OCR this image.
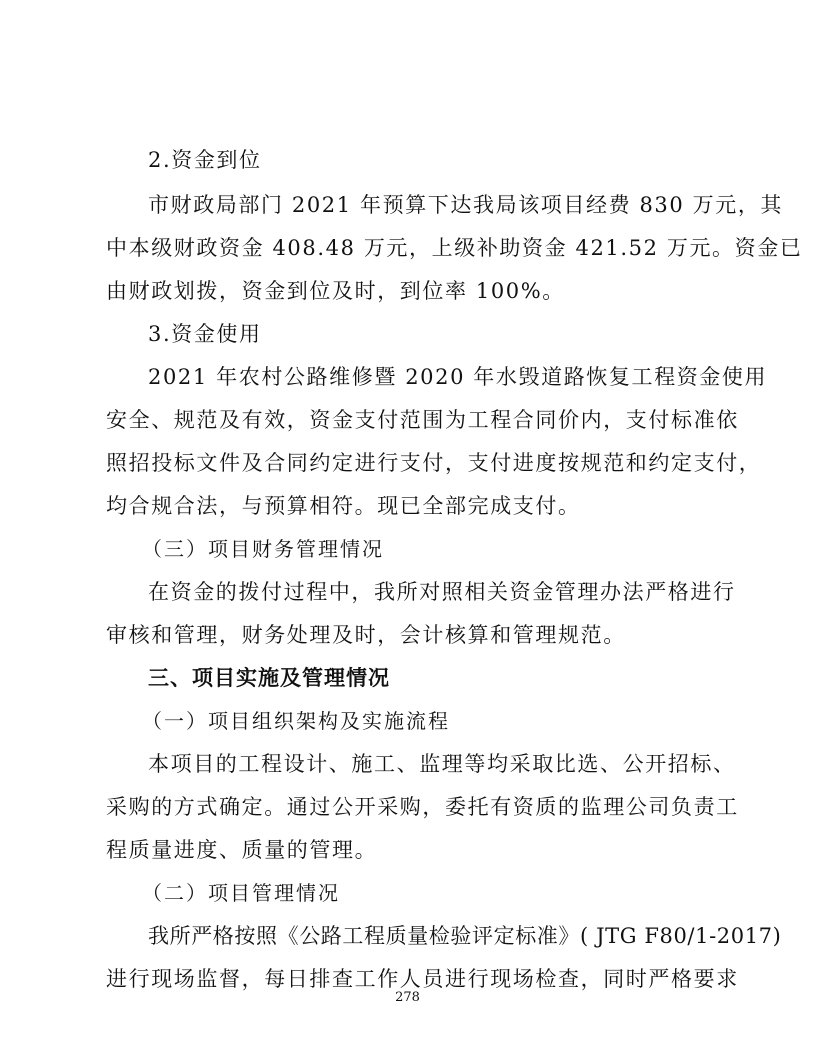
2.资金到位
市财政局部门 2021 年预算下达我局该项目经费 830 万元，其
中本级财政资金 408.48 万元，上级补助资金 421.52 万元。资金已
由财政划拨，资金到位及时，到位率 100%。
3.资金使用
2021 年农村公路维修暨 2020 年水毁道路恢复工程资金使用
安全、规范及有效，资金支付范围为工程合同价内，支付标准依
照招投标文件及合同约定进行支付，支付进度按规范和约定支付，
均合规合法，与预算相符。现已全部完成支付。
（三）项目财务管理情况
在资金的拨付过程中，我所对照相关资金管理办法严格进行
审核和管理，财务处理及时，会计核算和管理规范。
三、项目实施及管理情况
（一）项目组织架构及实施流程
本项目的工程设计、施工、监理等均采取比选、公开招标、
采购的方式确定。通过公开采购，委托有资质的监理公司负责工
程质量进度、质量的管理。
（二）项目管理情况
我所严格按照《公路工程质量检验评定标准》( JTG F80/1-2017)
进行现场监督，每日排查工作人员进行现场检查，同时严格要求
278
